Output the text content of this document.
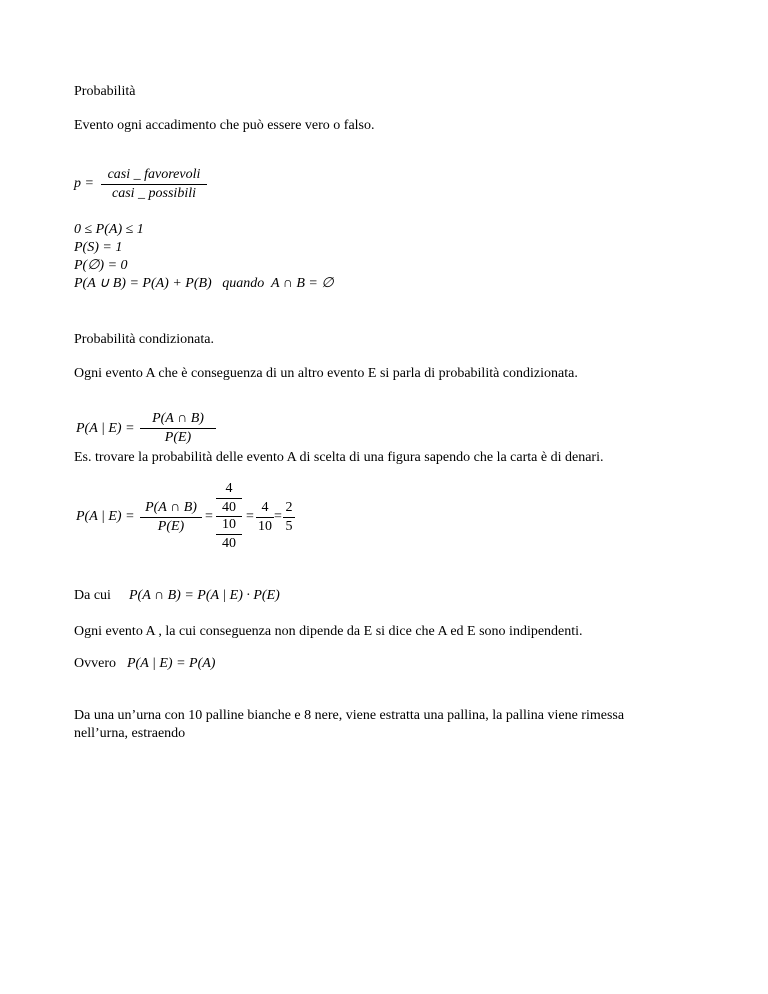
Probabilità
Evento ogni accadimento che può essere vero o falso.
p =
casi _ favorevoli
casi _ possibili
0 ≤ P(A) ≤ 1
P(S) = 1
P(∅) = 0
P(A ∪ B) = P(A) + P(B)   quando  A ∩ B = ∅
Probabilità condizionata.
Ogni evento A che è conseguenza di un altro evento E si parla di probabilità condizionata.
P(A | E) =
P(A ∩ B)
P(E)
Es. trovare la probabilità delle evento A di scelta di una figura sapendo che la carta è di denari.
P(A | E) =
P(A ∩ B)
P(E)
=
4
40
10
40
=
4
10
=
2
5
Da cui P(A ∩ B) = P(A | E) · P(E)
Ogni evento A , la cui conseguenza non dipende da E si dice che A ed E sono indipendenti.
Ovvero P(A | E) = P(A)
Da una un’urna con 10 palline bianche e 8 nere, viene estratta una pallina, la pallina viene rimessa
nell’urna, estraendo
